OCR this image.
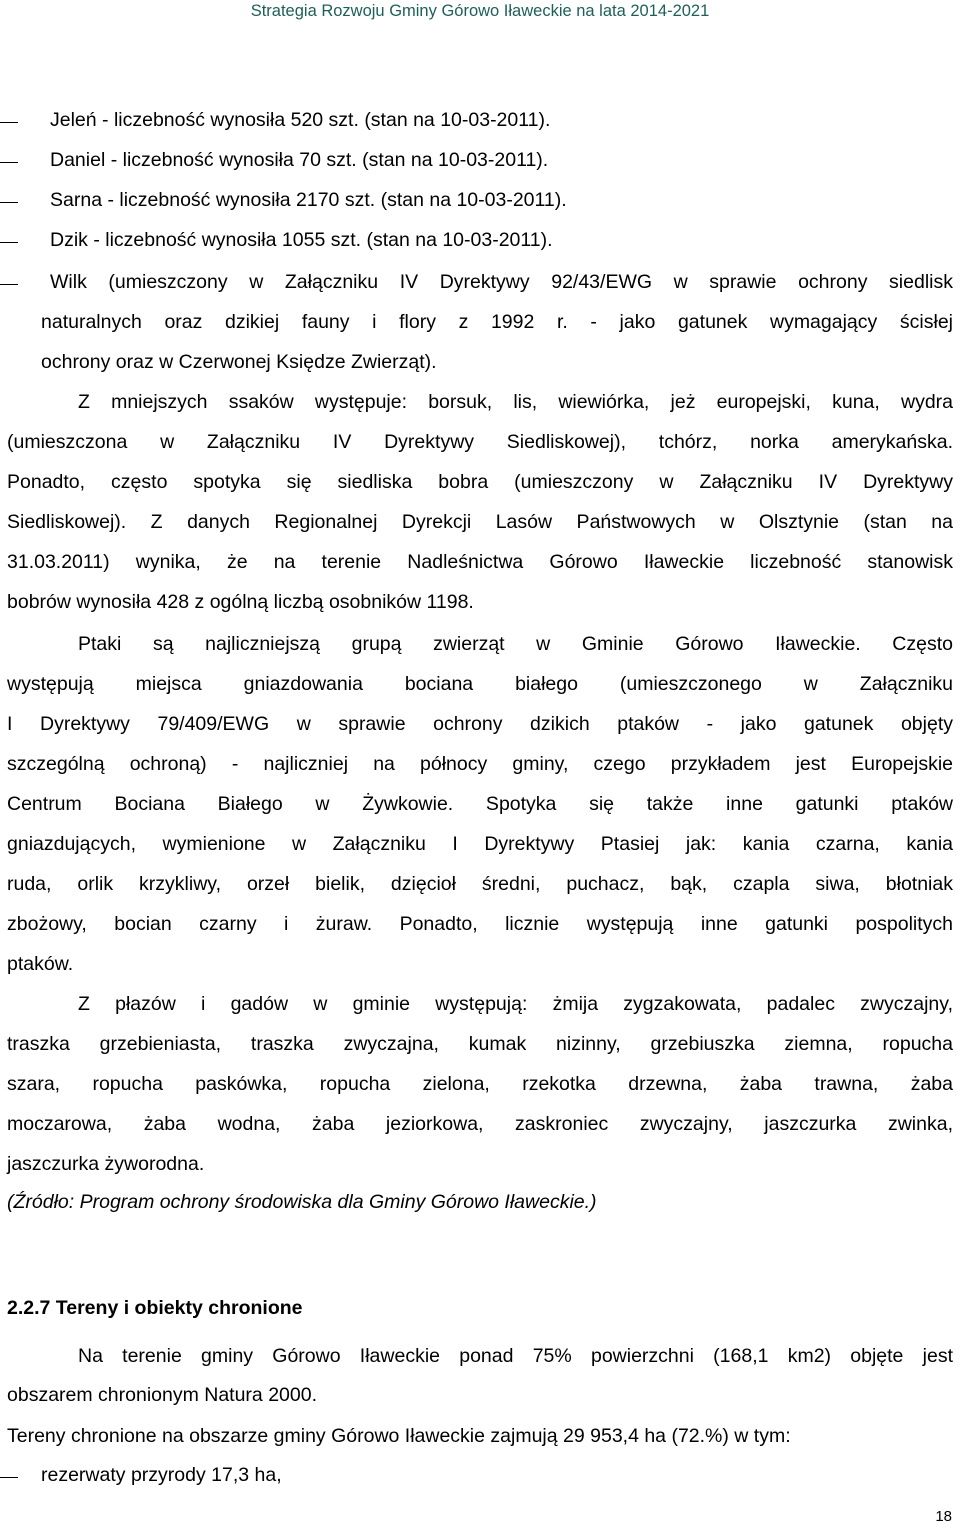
Strategia Rozwoju Gminy Górowo Iławeckie na lata 2014-2021
Jeleń - liczebność wynosiła 520 szt. (stan na 10-03-2011).
Daniel - liczebność wynosiła 70 szt. (stan na 10-03-2011).
Sarna - liczebność wynosiła 2170 szt. (stan na 10-03-2011).
Dzik - liczebność wynosiła 1055 szt. (stan na 10-03-2011).
Wilk (umieszczony w Załączniku IV Dyrektywy 92/43/EWG w sprawie ochrony siedlisk
naturalnych oraz dzikiej fauny i flory z 1992 r. - jako gatunek wymagający ścisłej
ochrony oraz w Czerwonej Księdze Zwierząt).
Z mniejszych ssaków występuje: borsuk, lis, wiewiórka, jeż europejski, kuna, wydra
(umieszczona w Załączniku IV Dyrektywy Siedliskowej), tchórz, norka amerykańska.
Ponadto, często spotyka się siedliska bobra (umieszczony w Załączniku IV Dyrektywy
Siedliskowej). Z danych Regionalnej Dyrekcji Lasów Państwowych w Olsztynie (stan na
31.03.2011) wynika, że na terenie Nadleśnictwa Górowo Iławeckie liczebność stanowisk
bobrów wynosiła 428 z ogólną liczbą osobników 1198.
Ptaki są najliczniejszą grupą zwierząt w Gminie Górowo Iławeckie. Często
występują miejsca gniazdowania bociana białego (umieszczonego w Załączniku
I Dyrektywy 79/409/EWG w sprawie ochrony dzikich ptaków - jako gatunek objęty
szczególną ochroną) - najliczniej na północy gminy, czego przykładem jest Europejskie
Centrum Bociana Białego w Żywkowie. Spotyka się także inne gatunki ptaków
gniazdujących, wymienione w Załączniku I Dyrektywy Ptasiej jak: kania czarna, kania
ruda, orlik krzykliwy, orzeł bielik, dzięcioł średni, puchacz, bąk, czapla siwa, błotniak
zbożowy, bocian czarny i żuraw. Ponadto, licznie występują inne gatunki pospolitych
ptaków.
Z płazów i gadów w gminie występują: żmija zygzakowata, padalec zwyczajny,
traszka grzebieniasta, traszka zwyczajna, kumak nizinny, grzebiuszka ziemna, ropucha
szara, ropucha paskówka, ropucha zielona, rzekotka drzewna, żaba trawna, żaba
moczarowa, żaba wodna, żaba jeziorkowa, zaskroniec zwyczajny, jaszczurka zwinka,
jaszczurka żyworodna.
(Źródło: Program ochrony środowiska dla Gminy Górowo Iławeckie.)
2.2.7 Tereny i obiekty chronione
Na terenie gminy Górowo Iławeckie ponad 75% powierzchni (168,1 km2) objęte jest
obszarem chronionym Natura 2000.
Tereny chronione na obszarze gminy Górowo Iławeckie zajmują 29 953,4 ha (72.%) w tym:
rezerwaty przyrody 17,3 ha,
18
